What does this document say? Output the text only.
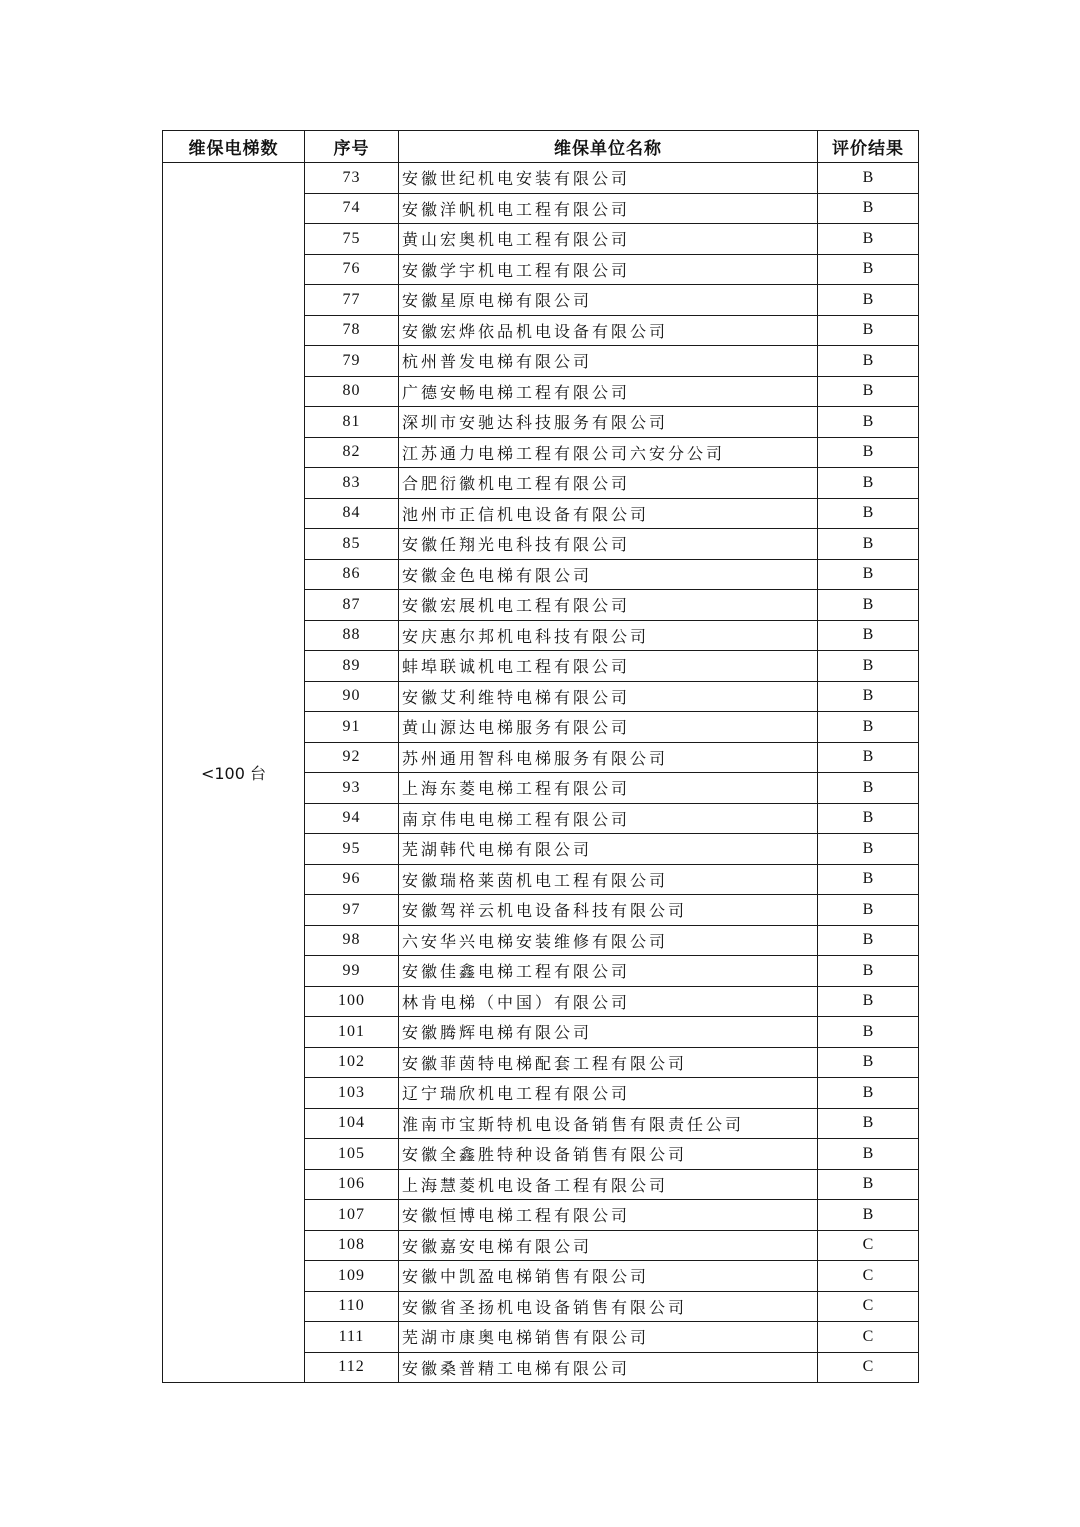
维保电梯数	序号	维保单位名称	评价结果
<100 台	73	安徽世纪机电安装有限公司	B
	74	安徽洋帆机电工程有限公司	B
	75	黄山宏奥机电工程有限公司	B
	76	安徽学宇机电工程有限公司	B
	77	安徽星原电梯有限公司	B
	78	安徽宏烨依品机电设备有限公司	B
	79	杭州普发电梯有限公司	B
	80	广德安畅电梯工程有限公司	B
	81	深圳市安驰达科技服务有限公司	B
	82	江苏通力电梯工程有限公司六安分公司	B
	83	合肥衍徽机电工程有限公司	B
	84	池州市正信机电设备有限公司	B
	85	安徽任翔光电科技有限公司	B
	86	安徽金色电梯有限公司	B
	87	安徽宏展机电工程有限公司	B
	88	安庆惠尔邦机电科技有限公司	B
	89	蚌埠联诚机电工程有限公司	B
	90	安徽艾利维特电梯有限公司	B
	91	黄山源达电梯服务有限公司	B
	92	苏州通用智科电梯服务有限公司	B
	93	上海东菱电梯工程有限公司	B
	94	南京伟电电梯工程有限公司	B
	95	芜湖韩代电梯有限公司	B
	96	安徽瑞格莱茵机电工程有限公司	B
	97	安徽驾祥云机电设备科技有限公司	B
	98	六安华兴电梯安装维修有限公司	B
	99	安徽佳鑫电梯工程有限公司	B
	100	林肯电梯（中国）有限公司	B
	101	安徽腾辉电梯有限公司	B
	102	安徽菲茵特电梯配套工程有限公司	B
	103	辽宁瑞欣机电工程有限公司	B
	104	淮南市宝斯特机电设备销售有限责任公司	B
	105	安徽全鑫胜特种设备销售有限公司	B
	106	上海慧菱机电设备工程有限公司	B
	107	安徽恒博电梯工程有限公司	B
	108	安徽嘉安电梯有限公司	C
	109	安徽中凯盈电梯销售有限公司	C
	110	安徽省圣扬机电设备销售有限公司	C
	111	芜湖市康奥电梯销售有限公司	C
	112	安徽桑普精工电梯有限公司	C
